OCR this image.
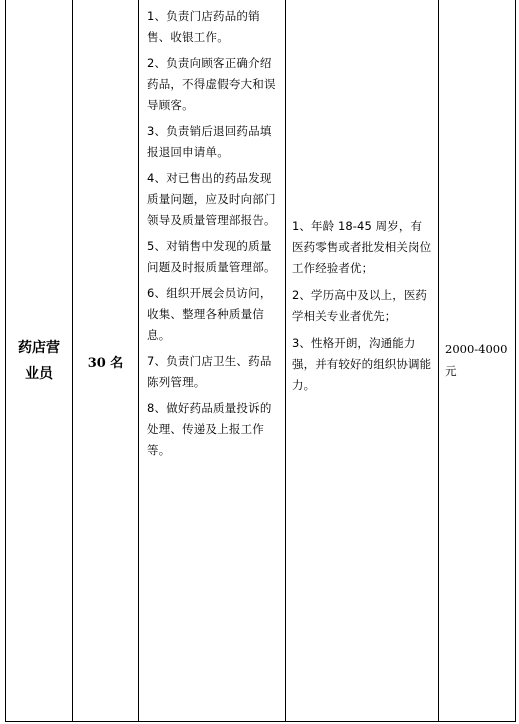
药店营业员
30 名

1、负责门店药品的销售、收银工作。

2、负责向顾客正确介绍药品，不得虚假夸大和误导顾客。

3、负责销后退回药品填报退回申请单。

4、对已售出的药品发现质量问题，应及时向部门领导及质量管理部报告。

5、对销售中发现的质量问题及时报质量管理部。

6、组织开展会员访问，收集、整理各种质量信息。

7、负责门店卫生、药品陈列管理。

8、做好药品质量投诉的处理、传递及上报工作等。

1、年龄 18-45 周岁，有医药零售或者批发相关岗位工作经验者优；

2、学历高中及以上，医药学相关专业者优先；

3、性格开朗，沟通能力强，并有较好的组织协调能力。

2000-4000 元
